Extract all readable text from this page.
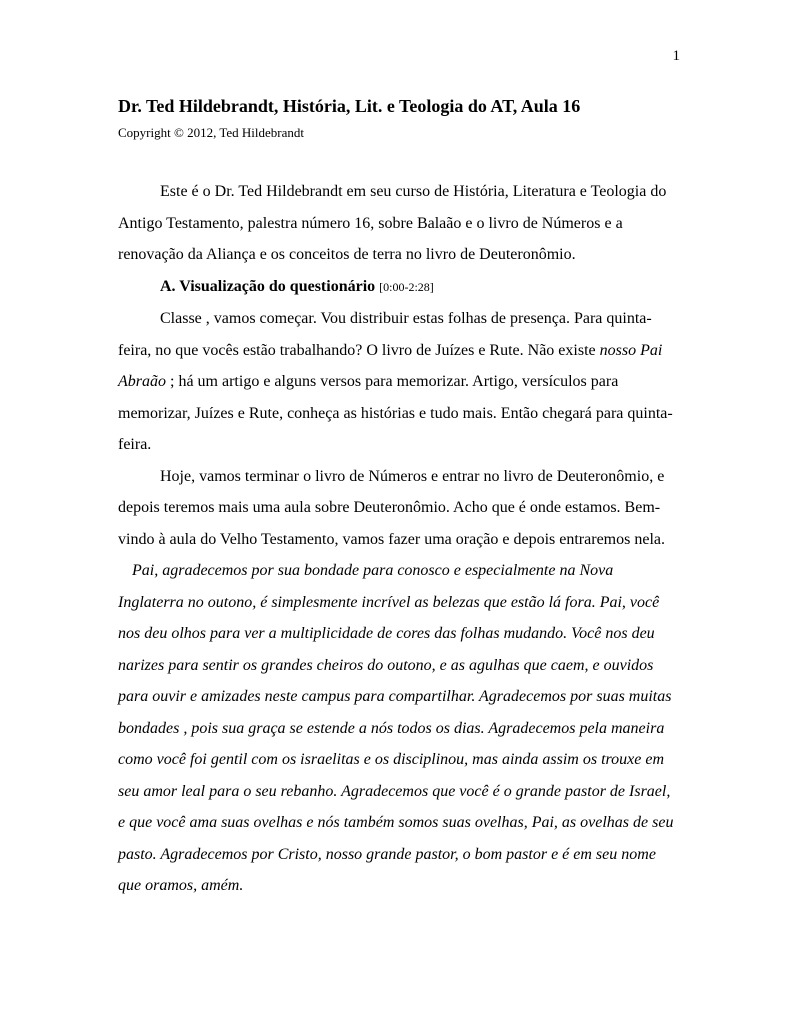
1
Dr. Ted Hildebrandt, História, Lit. e Teologia do AT, Aula 16

Copyright © 2012, Ted Hildebrandt

Este é o Dr. Ted Hildebrandt em seu curso de História, Literatura e Teologia do Antigo Testamento, palestra número 16, sobre Balaão e o livro de Números e a renovação da Aliança e os conceitos de terra no livro de Deuteronômio.

A. Visualização do questionário [0:00-2:28]

Classe , vamos começar. Vou distribuir estas folhas de presença. Para quinta-feira, no que vocês estão trabalhando? O livro de Juízes e Rute. Não existe nosso Pai Abraão ; há um artigo e alguns versos para memorizar. Artigo, versículos para memorizar, Juízes e Rute, conheça as histórias e tudo mais. Então chegará para quinta-feira.

Hoje, vamos terminar o livro de Números e entrar no livro de Deuteronômio, e depois teremos mais uma aula sobre Deuteronômio. Acho que é onde estamos. Bem-vindo à aula do Velho Testamento, vamos fazer uma oração e depois entraremos nela.

Pai, agradecemos por sua bondade para conosco e especialmente na Nova Inglaterra no outono, é simplesmente incrível as belezas que estão lá fora. Pai, você nos deu olhos para ver a multiplicidade de cores das folhas mudando. Você nos deu narizes para sentir os grandes cheiros do outono, e as agulhas que caem, e ouvidos para ouvir e amizades neste campus para compartilhar. Agradecemos por suas muitas bondades , pois sua graça se estende a nós todos os dias. Agradecemos pela maneira como você foi gentil com os israelitas e os disciplinou, mas ainda assim os trouxe em seu amor leal para o seu rebanho. Agradecemos que você é o grande pastor de Israel, e que você ama suas ovelhas e nós também somos suas ovelhas, Pai, as ovelhas de seu pasto. Agradecemos por Cristo, nosso grande pastor, o bom pastor e é em seu nome que oramos, amém.
